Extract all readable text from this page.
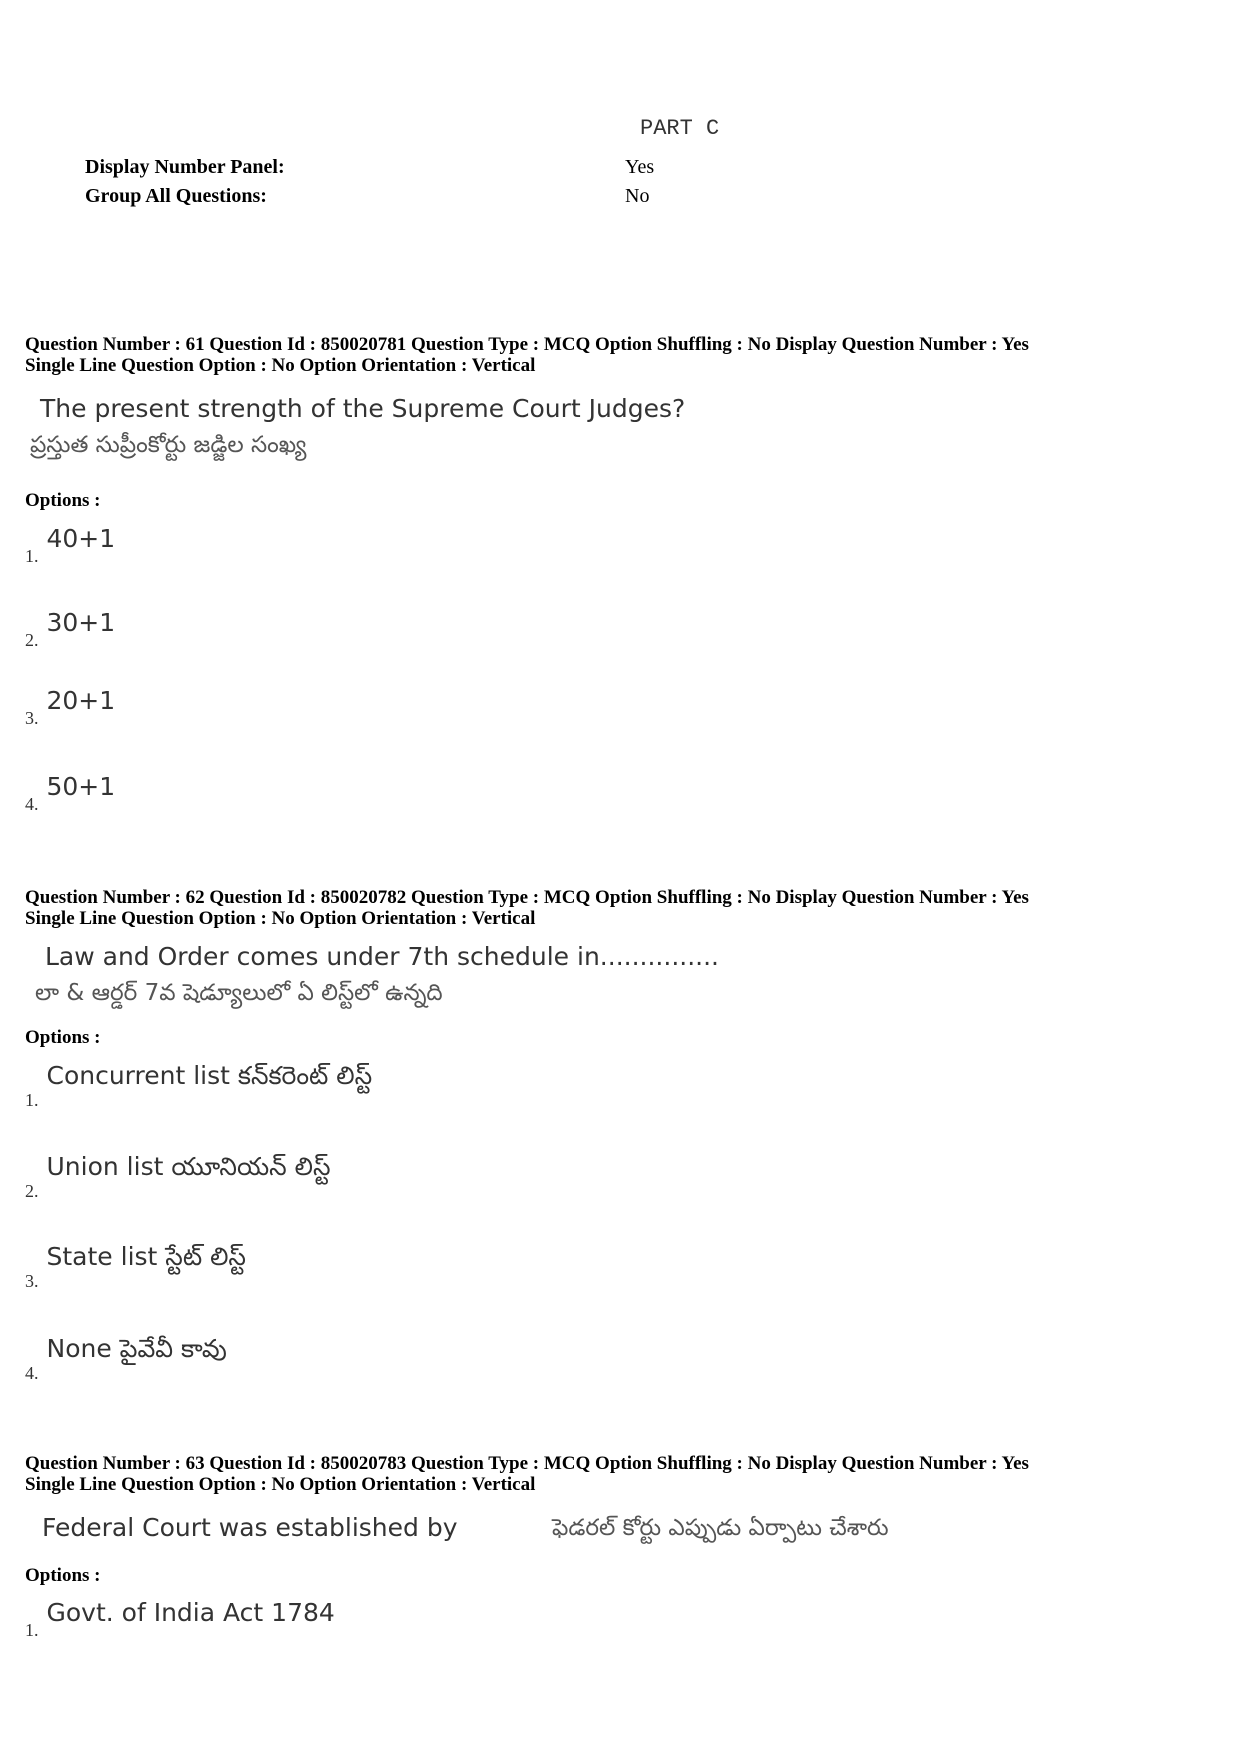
PART C
Display Number Panel:	Yes
Group All Questions:	No
Question Number : 61 Question Id : 850020781 Question Type : MCQ Option Shuffling : No Display Question Number : Yes
Single Line Question Option : No Option Orientation : Vertical
The present strength of the Supreme Court Judges?
ప్రస్తుత సుప్రీంకోర్టు జడ్జిల సంఖ్య
Options :
1.40+1
2.30+1
3.20+1
4.50+1
Question Number : 62 Question Id : 850020782 Question Type : MCQ Option Shuffling : No Display Question Number : Yes
Single Line Question Option : No Option Orientation : Vertical
Law and Order comes under 7th schedule in...............
లా & ఆర్డర్ 7వ షెడ్యూలులో ఏ లిస్ట్‌లో ఉన్నది
Options :
1.Concurrent list కన్‌కరెంట్ లిస్ట్
2.Union list యూనియన్ లిస్ట్
3.State list స్టేట్ లిస్ట్
4.None పైవేవీ కావు
Question Number : 63 Question Id : 850020783 Question Type : MCQ Option Shuffling : No Display Question Number : Yes
Single Line Question Option : No Option Orientation : Vertical
Federal Court was established by	ఫెడరల్ కోర్టు ఎప్పుడు ఏర్పాటు చేశారు
Options :
1.Govt. of India Act 1784
